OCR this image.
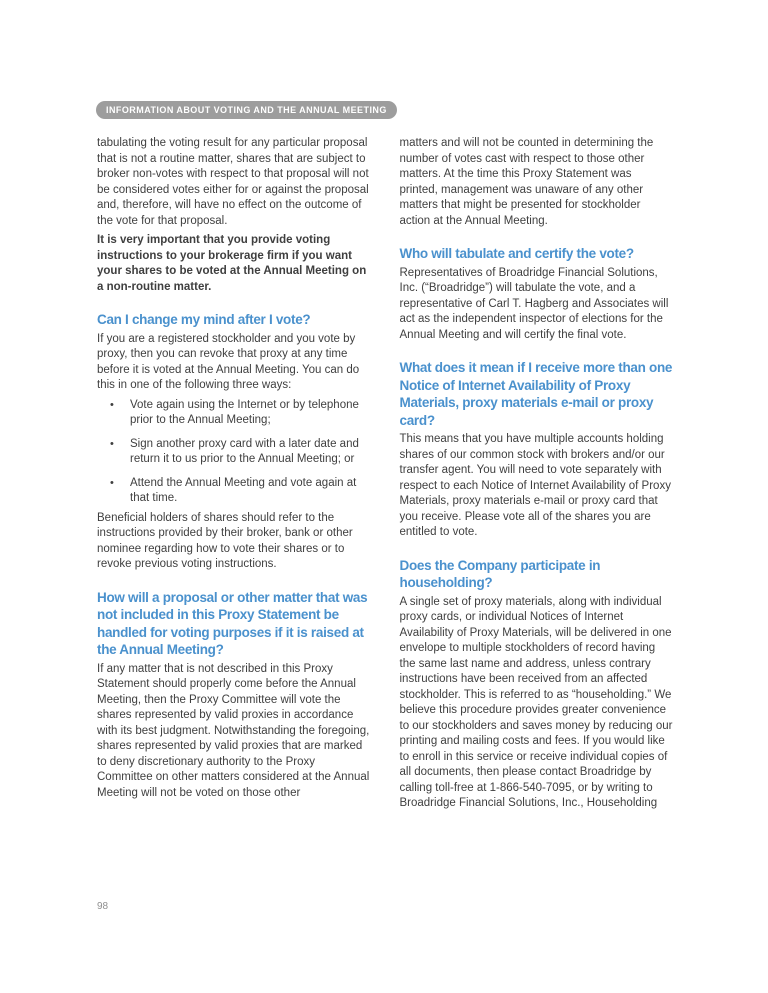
INFORMATION ABOUT VOTING AND THE ANNUAL MEETING

tabulating the voting result for any particular proposal that is not a routine matter, shares that are subject to broker non-votes with respect to that proposal will not be considered votes either for or against the proposal and, therefore, will have no effect on the outcome of the vote for that proposal.

It is very important that you provide voting instructions to your brokerage firm if you want your shares to be voted at the Annual Meeting on a non-routine matter.

Can I change my mind after I vote?

If you are a registered stockholder and you vote by proxy, then you can revoke that proxy at any time before it is voted at the Annual Meeting. You can do this in one of the following three ways:

• Vote again using the Internet or by telephone prior to the Annual Meeting;
• Sign another proxy card with a later date and return it to us prior to the Annual Meeting; or
• Attend the Annual Meeting and vote again at that time.

Beneficial holders of shares should refer to the instructions provided by their broker, bank or other nominee regarding how to vote their shares or to revoke previous voting instructions.

How will a proposal or other matter that was not included in this Proxy Statement be handled for voting purposes if it is raised at the Annual Meeting?

If any matter that is not described in this Proxy Statement should properly come before the Annual Meeting, then the Proxy Committee will vote the shares represented by valid proxies in accordance with its best judgment. Notwithstanding the foregoing, shares represented by valid proxies that are marked to deny discretionary authority to the Proxy Committee on other matters considered at the Annual Meeting will not be voted on those other

matters and will not be counted in determining the number of votes cast with respect to those other matters. At the time this Proxy Statement was printed, management was unaware of any other matters that might be presented for stockholder action at the Annual Meeting.

Who will tabulate and certify the vote?

Representatives of Broadridge Financial Solutions, Inc. (“Broadridge”) will tabulate the vote, and a representative of Carl T. Hagberg and Associates will act as the independent inspector of elections for the Annual Meeting and will certify the final vote.

What does it mean if I receive more than one Notice of Internet Availability of Proxy Materials, proxy materials e-mail or proxy card?

This means that you have multiple accounts holding shares of our common stock with brokers and/or our transfer agent. You will need to vote separately with respect to each Notice of Internet Availability of Proxy Materials, proxy materials e-mail or proxy card that you receive. Please vote all of the shares you are entitled to vote.

Does the Company participate in householding?

A single set of proxy materials, along with individual proxy cards, or individual Notices of Internet Availability of Proxy Materials, will be delivered in one envelope to multiple stockholders of record having the same last name and address, unless contrary instructions have been received from an affected stockholder. This is referred to as “householding.” We believe this procedure provides greater convenience to our stockholders and saves money by reducing our printing and mailing costs and fees. If you would like to enroll in this service or receive individual copies of all documents, then please contact Broadridge by calling toll-free at 1-866-540-7095, or by writing to Broadridge Financial Solutions, Inc., Householding

98
